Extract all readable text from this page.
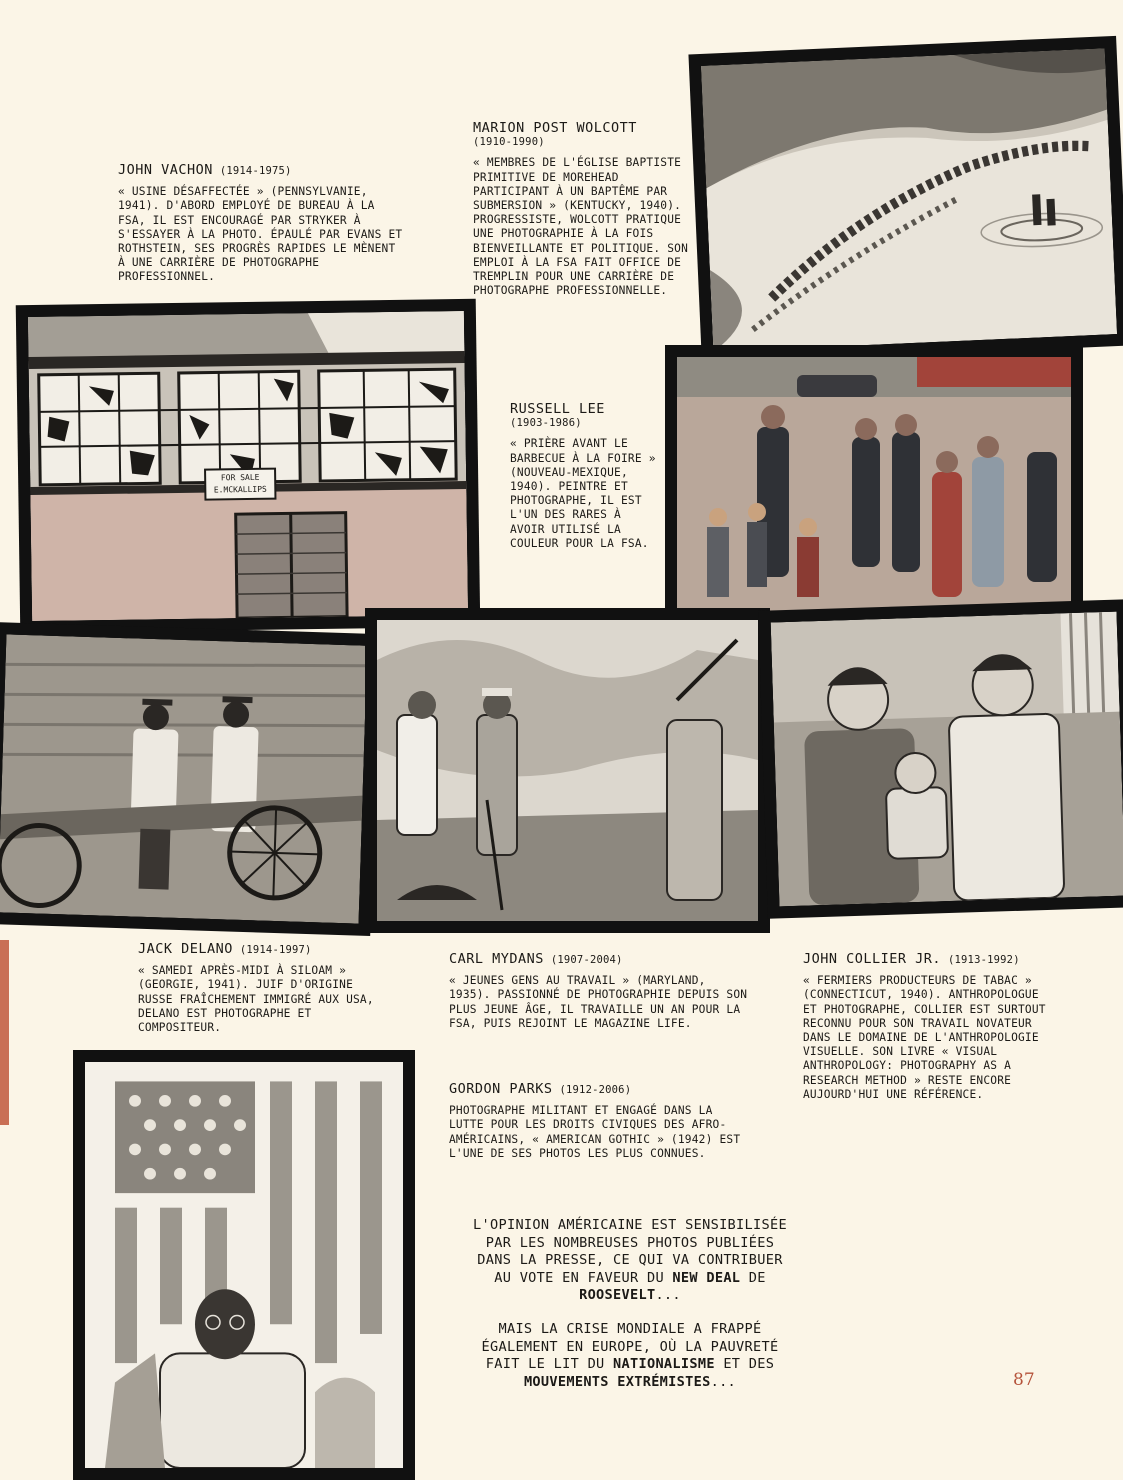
FOR SALE
E.MCKALLIPS
JOHN VACHON (1914-1975)

« USINE DÉSAFFECTÉE » (PENNSYLVANIE, 1941). D'ABORD EMPLOYÉ DE BUREAU À LA FSA, IL EST ENCOURAGÉ PAR STRYKER À S'ESSAYER À LA PHOTO. ÉPAULÉ PAR EVANS ET ROTHSTEIN, SES PROGRÈS RAPIDES LE MÈNENT À UNE CARRIÈRE DE PHOTOGRAPHE PROFESSIONNEL.

MARION POST WOLCOTT
(1910-1990)

« MEMBRES DE L'ÉGLISE BAPTISTE PRIMITIVE DE MOREHEAD PARTICIPANT À UN BAPTÊME PAR SUBMERSION » (KENTUCKY, 1940). PROGRESSISTE, WOLCOTT PRATIQUE UNE PHOTOGRAPHIE À LA FOIS BIENVEILLANTE ET POLITIQUE. SON EMPLOI À LA FSA FAIT OFFICE DE TREMPLIN POUR UNE CARRIÈRE DE PHOTOGRAPHE PROFESSIONNELLE.

RUSSELL LEE
(1903-1986)

« PRIÈRE AVANT LE BARBECUE À LA FOIRE » (NOUVEAU-MEXIQUE, 1940). PEINTRE ET PHOTOGRAPHE, IL EST L'UN DES RARES À AVOIR UTILISÉ LA COULEUR POUR LA FSA.

JACK DELANO (1914-1997)

« SAMEDI APRÈS-MIDI À SILOAM » (GEORGIE, 1941). JUIF D'ORIGINE RUSSE FRAÎCHEMENT IMMIGRÉ AUX USA, DELANO EST PHOTOGRAPHE ET COMPOSITEUR.

CARL MYDANS (1907-2004)

« JEUNES GENS AU TRAVAIL » (MARYLAND, 1935). PASSIONNÉ DE PHOTOGRAPHIE DEPUIS SON PLUS JEUNE ÂGE, IL TRAVAILLE UN AN POUR LA FSA, PUIS REJOINT LE MAGAZINE LIFE.

JOHN COLLIER JR. (1913-1992)

« FERMIERS PRODUCTEURS DE TABAC » (CONNECTICUT, 1940). ANTHROPOLOGUE ET PHOTOGRAPHE, COLLIER EST SURTOUT RECONNU POUR SON TRAVAIL NOVATEUR DANS LE DOMAINE DE L'ANTHROPOLOGIE VISUELLE. SON LIVRE « VISUAL ANTHROPOLOGY: PHOTOGRAPHY AS A RESEARCH METHOD » RESTE ENCORE AUJOURD'HUI UNE RÉFÉRENCE.

GORDON PARKS (1912-2006)

PHOTOGRAPHE MILITANT ET ENGAGÉ DANS LA LUTTE POUR LES DROITS CIVIQUES DES AFRO-AMÉRICAINS, « AMERICAN GOTHIC » (1942) EST L'UNE DE SES PHOTOS LES PLUS CONNUES.

L'OPINION AMÉRICAINE EST SENSIBILISÉE PAR LES NOMBREUSES PHOTOS PUBLIÉES DANS LA PRESSE, CE QUI VA CONTRIBUER AU VOTE EN FAVEUR DU NEW DEAL DE ROOSEVELT...

MAIS LA CRISE MONDIALE A FRAPPÉ ÉGALEMENT EN EUROPE, OÙ LA PAUVRETÉ FAIT LE LIT DU NATIONALISME ET DES MOUVEMENTS EXTRÉMISTES...	87
